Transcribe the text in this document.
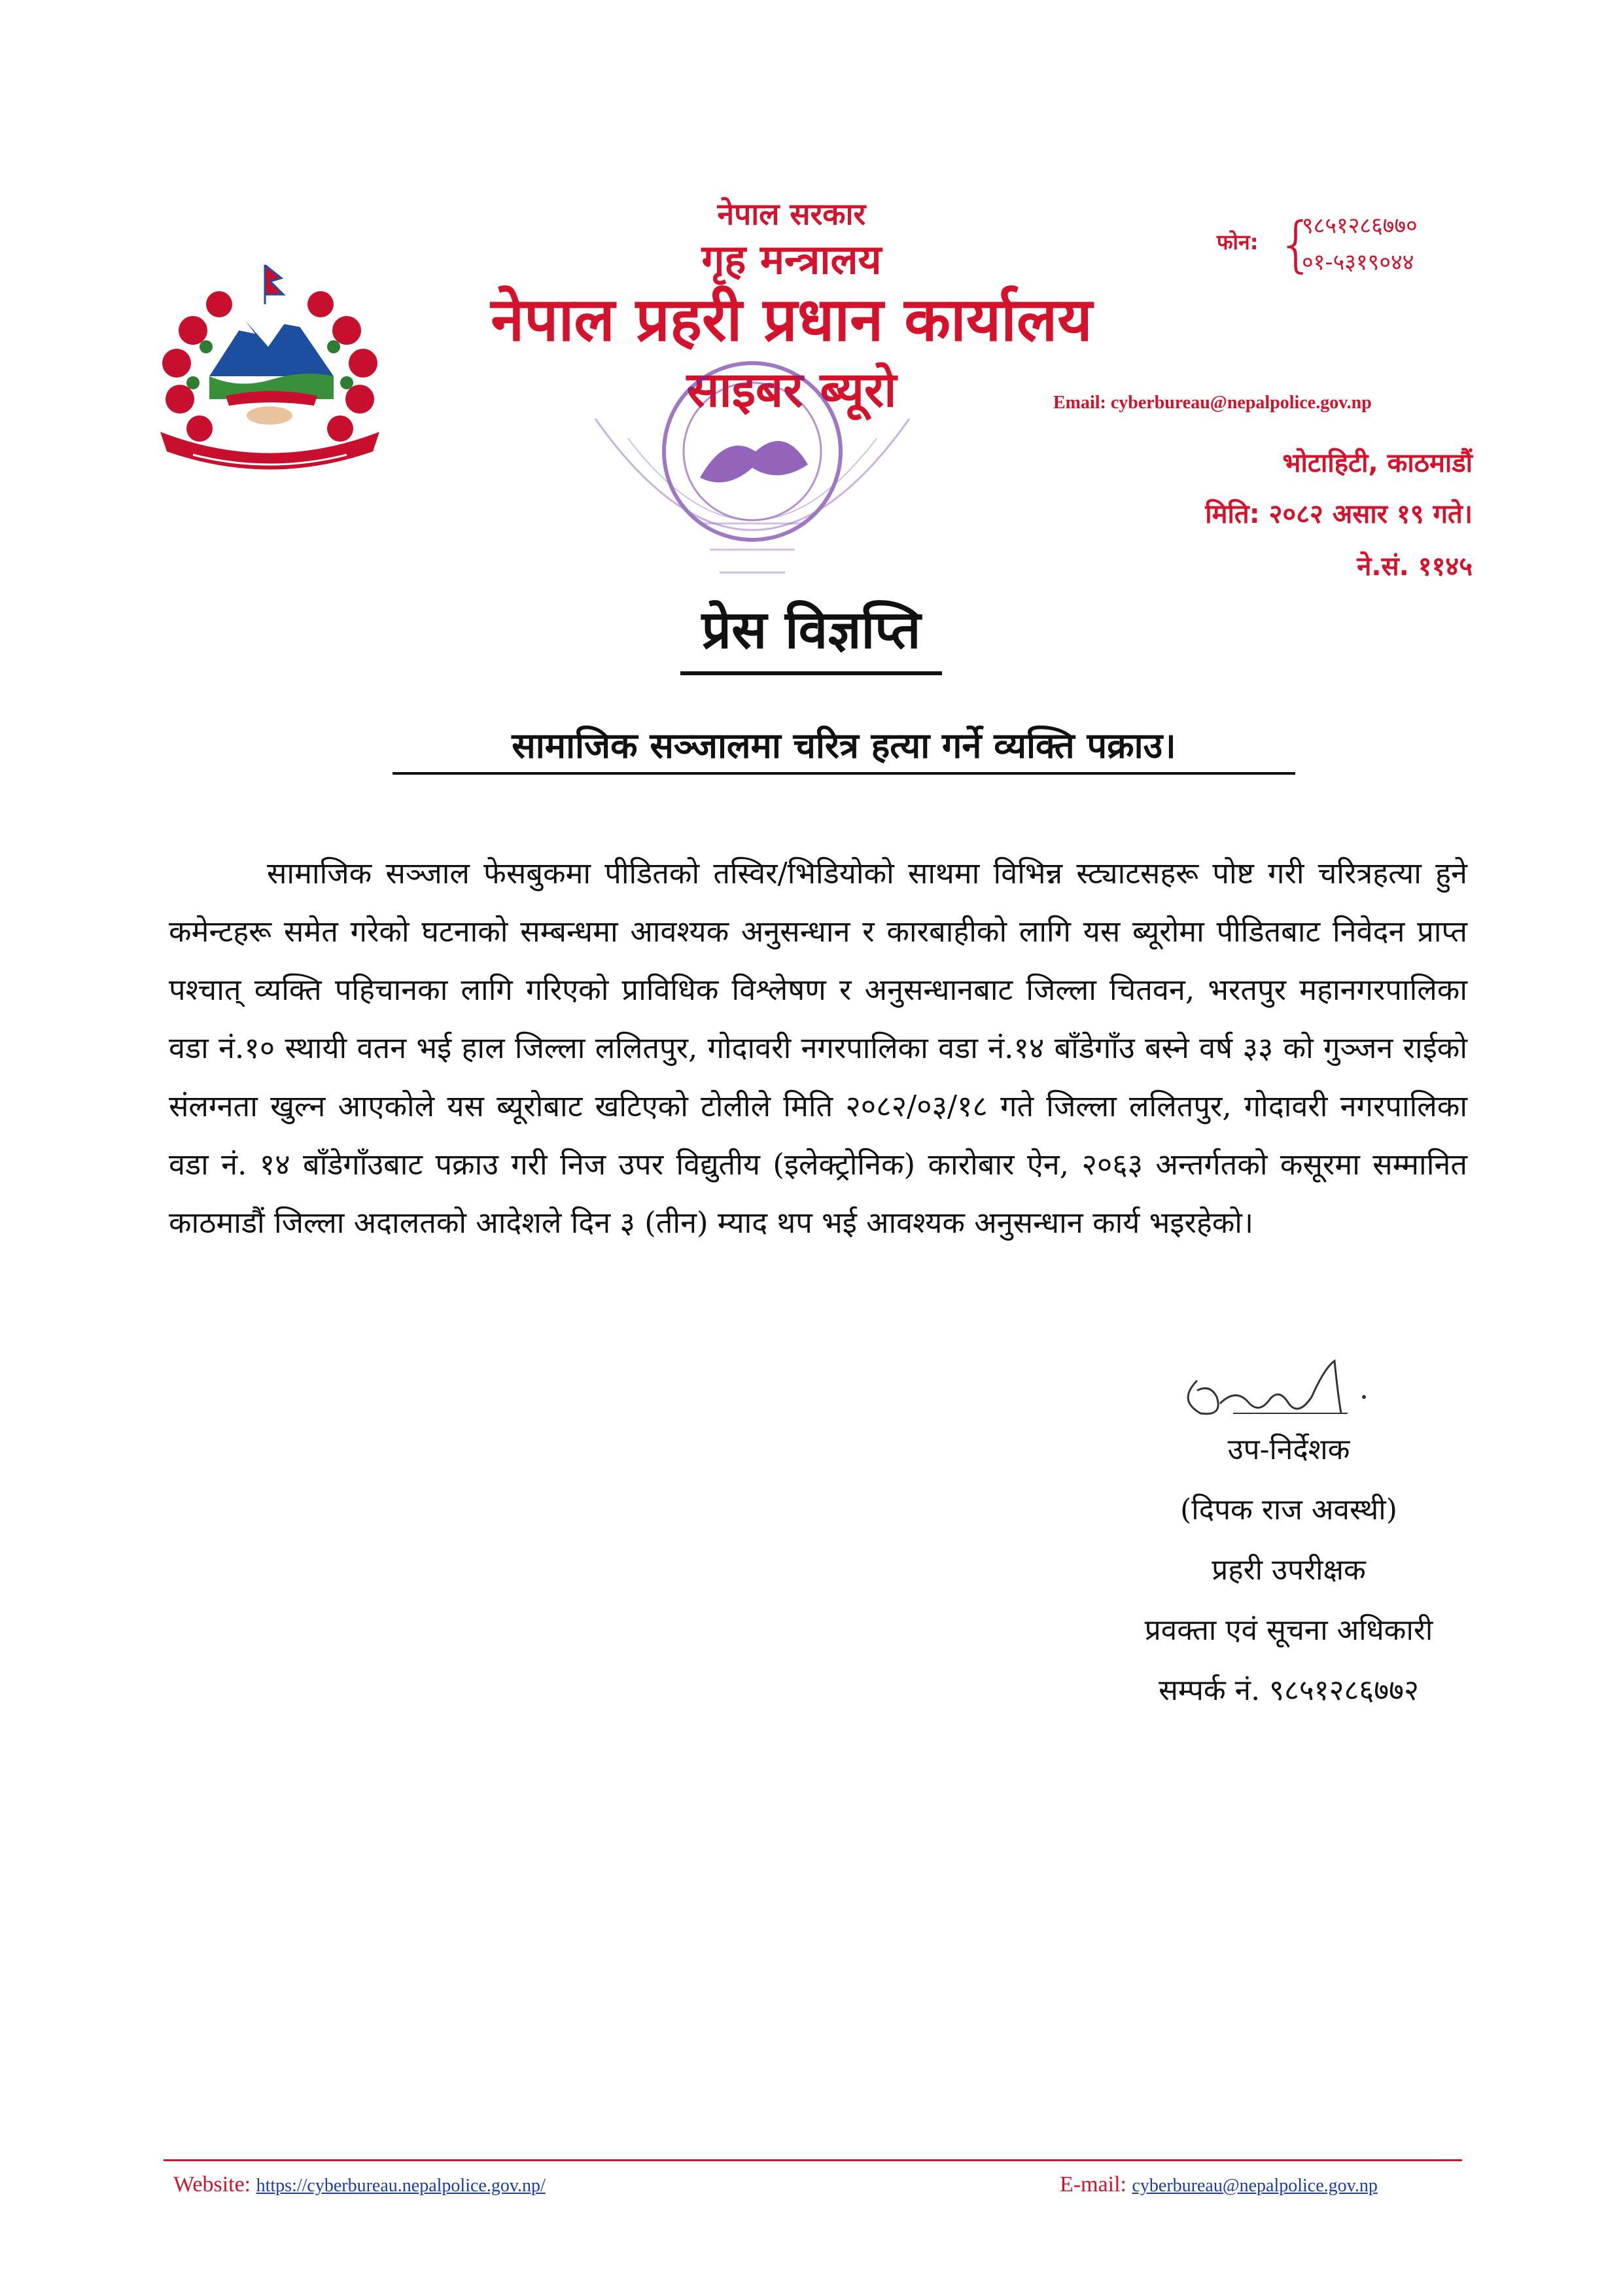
नेपाल सरकार
गृह मन्त्रालय
नेपाल प्रहरी प्रधान कार्यालय
साइबर ब्यूरो
फोन: {
९८५१२८६७७०
०१-५३१९०४४
Email: cyberbureau@nepalpolice.gov.np
भोटाहिटी, काठमाडौं
मिति: २०८२ असार १९ गते।
ने.सं. ११४५
प्रेस विज्ञप्ति
सामाजिक सञ्जालमा चरित्र हत्या गर्ने व्यक्ति पक्राउ।

सामाजिक सञ्जाल फेसबुकमा पीडितको तस्विर/भिडियोको साथमा विभिन्न स्ट्याटसहरू पोष्ट गरी चरित्रहत्या हुने कमेन्टहरू समेत गरेको घटनाको सम्बन्धमा आवश्यक अनुसन्धान र कारबाहीको लागि यस ब्यूरोमा पीडितबाट निवेदन प्राप्त पश्चात् व्यक्ति पहिचानका लागि गरिएको प्राविधिक विश्लेषण र अनुसन्धानबाट जिल्ला चितवन, भरतपुर महानगरपालिका वडा नं.१० स्थायी वतन भई हाल जिल्ला ललितपुर, गोदावरी नगरपालिका वडा नं.१४ बाँडेगाँउ बस्ने वर्ष ३३ को गुञ्जन राईको संलग्नता खुल्न आएकोले यस ब्यूरोबाट खटिएको टोलीले मिति २०८२/०३/१८ गते जिल्ला ललितपुर, गोदावरी नगरपालिका वडा नं. १४ बाँडेगाँउबाट पक्राउ गरी निज उपर विद्युतीय (इलेक्ट्रोनिक) कारोबार ऐन, २०६३ अन्तर्गतको कसूरमा सम्मानित काठमाडौं जिल्ला अदालतको आदेशले दिन ३ (तीन) म्याद थप भई आवश्यक अनुसन्धान कार्य भइरहेको।

उप-निर्देशक
(दिपक राज अवस्थी)
प्रहरी उपरीक्षक
प्रवक्ता एवं सूचना अधिकारी
सम्पर्क नं. ९८५१२८६७७२
Website: https://cyberbureau.nepalpolice.gov.np/	E-mail: cyberbureau@nepalpolice.gov.np
